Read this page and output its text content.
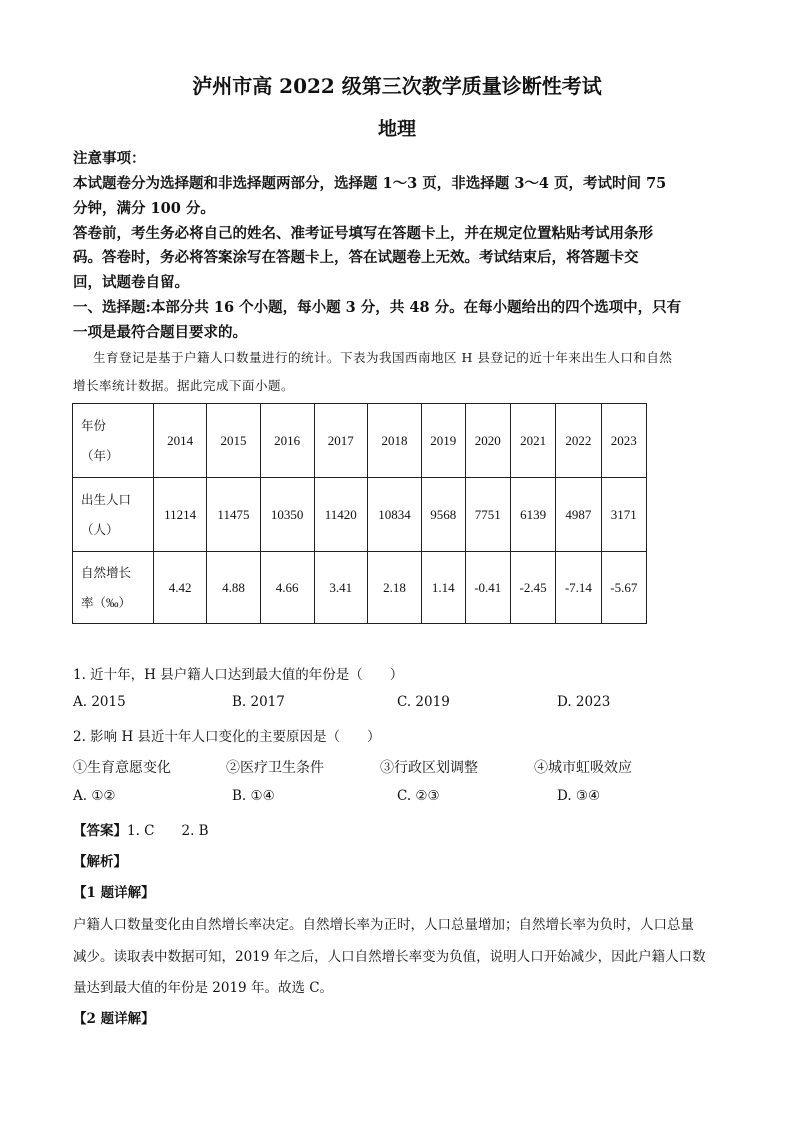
泸州市高 2022 级第三次教学质量诊断性考试
地理
注意事项：
本试题卷分为选择题和非选择题两部分，选择题 1～3 页，非选择题 3～4 页，考试时间 75
分钟，满分 100 分。
答卷前，考生务必将自己的姓名、准考证号填写在答题卡上，并在规定位置粘贴考试用条形
码。答卷时，务必将答案涂写在答题卡上，答在试题卷上无效。考试结束后，将答题卡交
回，试题卷自留。
一、选择题:本部分共 16 个小题，每小题 3 分，共 48 分。在每小题给出的四个选项中，只有
一项是最符合题目要求的。
生育登记是基于户籍人口数量进行的统计。下表为我国西南地区 H 县登记的近十年来出生人口和自然
增长率统计数据。据此完成下面小题。
年份
（年）	2014	2015	2016	2017	2018	2019	2020	2021	2022	2023

出生人口
（人）	11214	11475	10350	11420	10834	9568	7751	6139	4987	3171

自然增长
率（‰）	4.42	4.88	4.66	3.41	2.18	1.14	-0.41	-2.45	-7.14	-5.67
1. 近十年，H 县户籍人口达到最大值的年份是（　　）
A. 2015	B. 2017	C. 2019	D. 2023
2. 影响 H 县近十年人口变化的主要原因是（　　）
①生育意愿变化	②医疗卫生条件	③行政区划调整	④城市虹吸效应
A. ①②	B. ①④	C. ②③	D. ③④
【答案】1. C　　2. B
【解析】
【1 题详解】
户籍人口数量变化由自然增长率决定。自然增长率为正时，人口总量增加；自然增长率为负时，人口总量
减少。读取表中数据可知，2019 年之后，人口自然增长率变为负值，说明人口开始减少，因此户籍人口数
量达到最大值的年份是 2019 年。故选 C。
【2 题详解】
